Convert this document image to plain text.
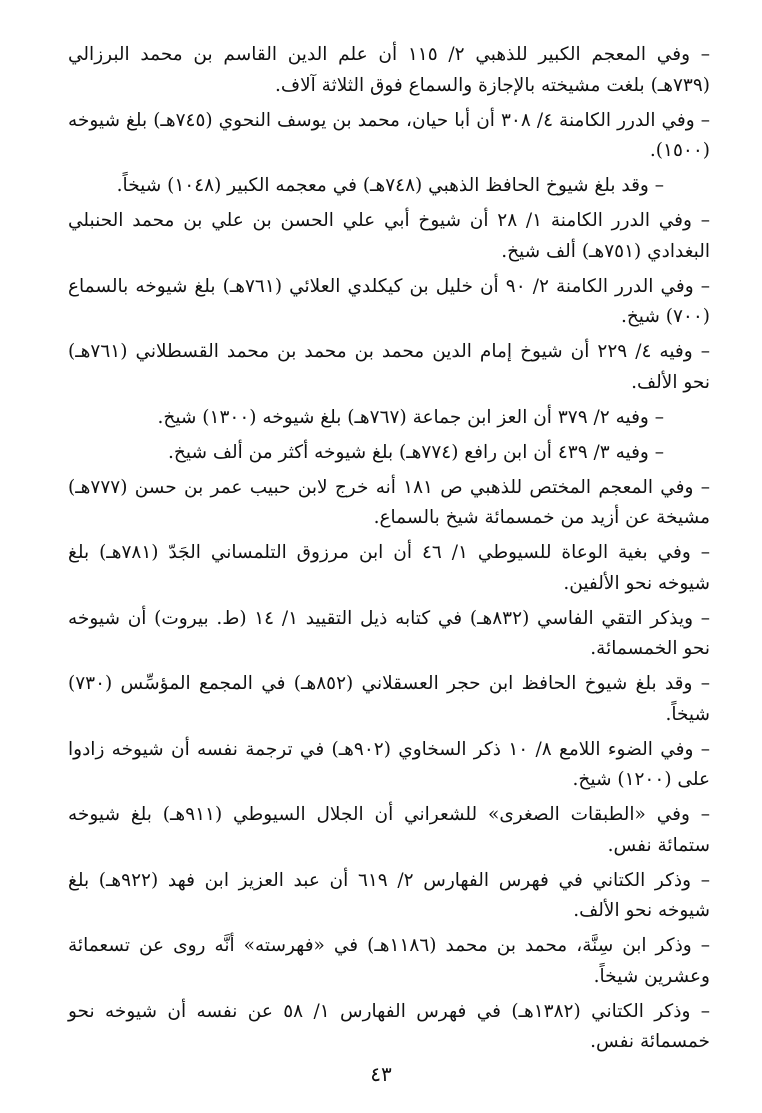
– وفي المعجم الكبير للذهبي ٢/ ١١٥ أن علم الدين القاسم بن محمد البرزالي (٧٣٩هـ) بلغت مشيخته بالإجازة والسماع فوق الثلاثة آلاف.

– وفي الدرر الكامنة ٤/ ٣٠٨ أن أبا حيان، محمد بن يوسف النحوي (٧٤٥هـ) بلغ شيوخه (١٥٠٠).

– وقد بلغ شيوخ الحافظ الذهبي (٧٤٨هـ) في معجمه الكبير (١٠٤٨) شيخاً.

– وفي الدرر الكامنة ١/ ٢٨ أن شيوخ أبي علي الحسن بن علي بن محمد الحنبلي البغدادي (٧٥١هـ) ألف شيخ.

– وفي الدرر الكامنة ٢/ ٩٠ أن خليل بن كيكلدي العلائي (٧٦١هـ) بلغ شيوخه بالسماع (٧٠٠) شيخ.

– وفيه ٤/ ٢٢٩ أن شيوخ إمام الدين محمد بن محمد بن محمد القسطلاني (٧٦١هـ) نحو الألف.

– وفيه ٢/ ٣٧٩ أن العز ابن جماعة (٧٦٧هـ) بلغ شيوخه (١٣٠٠) شيخ.

– وفيه ٣/ ٤٣٩ أن ابن رافع (٧٧٤هـ) بلغ شيوخه أكثر من ألف شيخ.

– وفي المعجم المختص للذهبي ص ١٨١ أنه خرج لابن حبيب عمر بن حسن (٧٧٧هـ) مشيخة عن أزيد من خمسمائة شيخ بالسماع.

– وفي بغية الوعاة للسيوطي ١/ ٤٦ أن ابن مرزوق التلمساني الجَدّ (٧٨١هـ) بلغ شيوخه نحو الألفين.

– ويذكر التقي الفاسي (٨٣٢هـ) في كتابه ذيل التقييد ١/ ١٤ (ط. بيروت) أن شيوخه نحو الخمسمائة.

– وقد بلغ شيوخ الحافظ ابن حجر العسقلاني (٨٥٢هـ) في المجمع المؤسِّس (٧٣٠) شيخاً.

– وفي الضوء اللامع ٨/ ١٠ ذكر السخاوي (٩٠٢هـ) في ترجمة نفسه أن شيوخه زادوا على (١٢٠٠) شيخ.

– وفي «الطبقات الصغرى» للشعراني أن الجلال السيوطي (٩١١هـ) بلغ شيوخه ستمائة نفس.

– وذكر الكتاني في فهرس الفهارس ٢/ ٦١٩ أن عبد العزيز ابن فهد (٩٢٢هـ) بلغ شيوخه نحو الألف.

– وذكر ابن سِنَّة، محمد بن محمد (١١٨٦هـ) في «فهرسته» أنَّه روى عن تسعمائة وعشرين شيخاً.

– وذكر الكتاني (١٣٨٢هـ) في فهرس الفهارس ١/ ٥٨ عن نفسه أن شيوخه نحو خمسمائة نفس.

٤٣
